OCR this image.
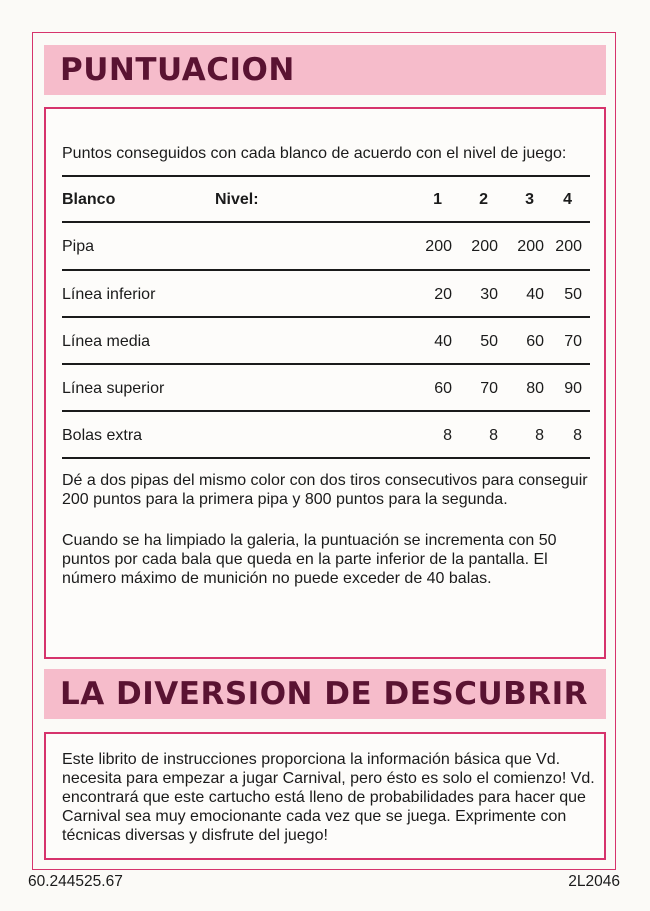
PUNTUACION
Puntos conseguidos con cada blanco de acuerdo con el nivel de juego:
Blanco	Nivel:	1	2	3	4
Pipa	200	200	200 200
Línea inferior	20	30	40	50
Línea media	40	50	60	70
Línea superior	60	70	80	90
Bolas extra	8	8	8	8
Dé a dos pipas del mismo color con dos tiros consecutivos para conseguir 200 puntos para la primera pipa y 800 puntos para la segunda.
Cuando se ha limpiado la galeria, la puntuación se incrementa con 50 puntos por cada bala que queda en la parte inferior de la pantalla. El número máximo de munición no puede exceder de 40 balas.
LA DIVERSION DE DESCUBRIR
Este librito de instrucciones proporciona la información básica que Vd. necesita para empezar a jugar Carnival, pero ésto es solo el comienzo! Vd. encontrará que este cartucho está lleno de probabilidades para hacer que Carnival sea muy emocionante cada vez que se juega. Exprimente con técnicas diversas y disfrute del juego!
60.244525.67	2L2046
